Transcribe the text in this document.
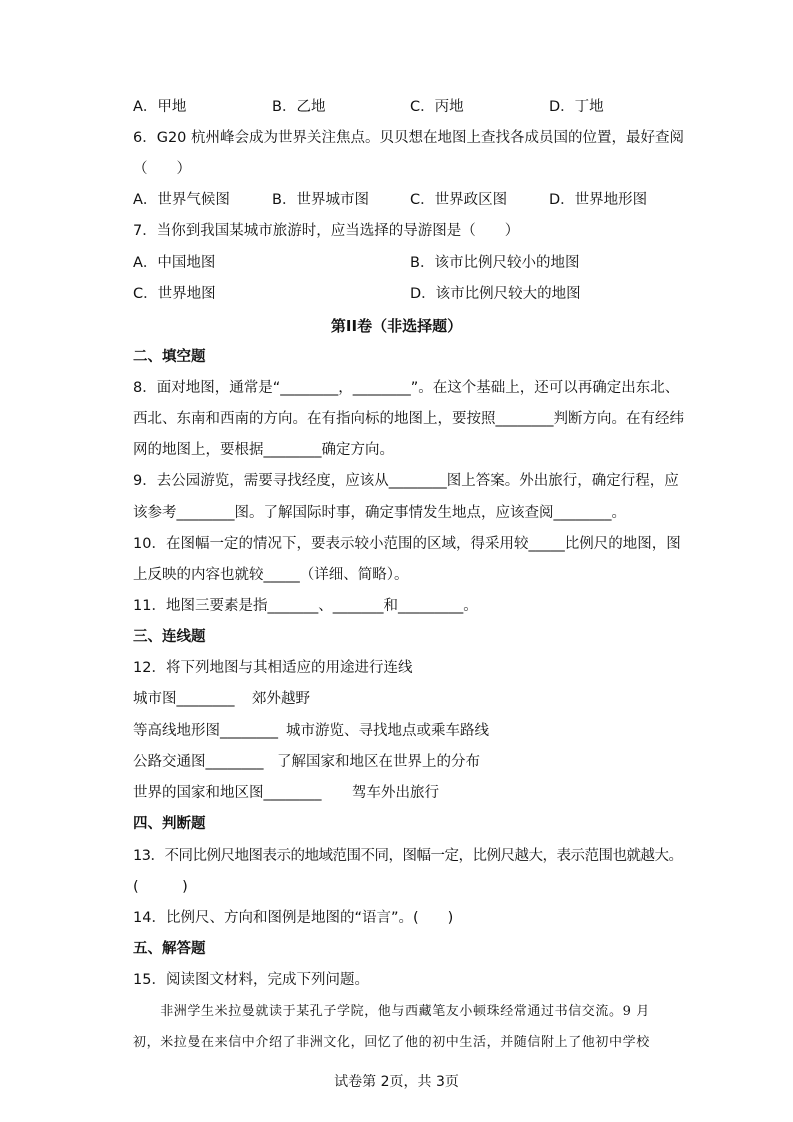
A．甲地	B．乙地	C．丙地	D．丁地
6．G20 杭州峰会成为世界关注焦点。贝贝想在地图上查找各成员国的位置，最好查阅
（　　）
A．世界气候图	B．世界城市图	C．世界政区图	D．世界地形图
7．当你到我国某城市旅游时，应当选择的导游图是（　　）
A．中国地图	B．该市比例尺较小的地图
C．世界地图	D．该市比例尺较大的地图
第II卷（非选择题）
二、填空题
8．面对地图，通常是“________，________”。在这个基础上，还可以再确定出东北、
西北、东南和西南的方向。在有指向标的地图上，要按照________判断方向。在有经纬
网的地图上，要根据________确定方向。
9．去公园游览，需要寻找经度，应该从________图上答案。外出旅行，确定行程，应
该参考________图。了解国际时事，确定事情发生地点，应该查阅________。
10．在图幅一定的情况下，要表示较小范围的区域，得采用较_____比例尺的地图，图
上反映的内容也就较_____（详细、简略）。
11．地图三要素是指_______、_______和_________。
三、连线题
12．将下列地图与其相适应的用途进行连线
城市图________ 郊外越野
等高线地形图________ 城市游览、寻找地点或乘车路线
公路交通图________ 了解国家和地区在世界上的分布
世界的国家和地区图________ 驾车外出旅行
四、判断题
13．不同比例尺地图表示的地域范围不同，图幅一定，比例尺越大，表示范围也就越大。
(　　　)
14．比例尺、方向和图例是地图的“语言”。(　　)
五、解答题
15．阅读图文材料，完成下列问题。
　　非洲学生米拉曼就读于某孔子学院，他与西藏笔友小顿珠经常通过书信交流。9 月
初，米拉曼在来信中介绍了非洲文化，回忆了他的初中生活，并随信附上了他初中学校
试卷第 2页，共 3页
